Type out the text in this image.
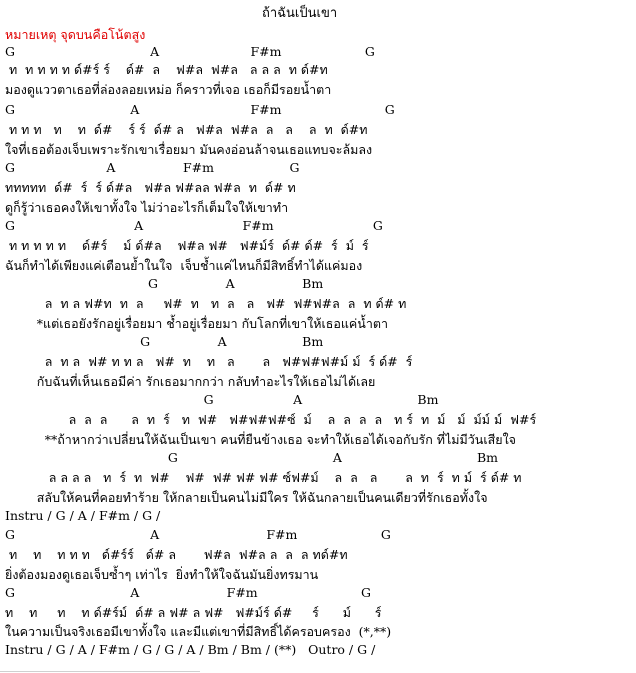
ถ้าฉันเป็นเขา
หมายเหตุ จุดบนคือโน้ตสูง
G                                  A                       F#m                     G
ท  ท ท ท ท ด์#ร์ ร์    ด์#  ล    ฟ#ล  ฟ#ล   ล ล ล  ท ด์#ท
มองดูแววตาเธอที่ล่องลอยเหม่อ ก็คราวที่เจอ เธอก็มีรอยน้ำตา
G                             A                            F#m                          G
ท ท ท   ท    ท  ด์#    ร์ ร์  ด์# ล   ฟ#ล  ฟ#ล  ล   ล    ล  ท  ด์#ท
ใจที่เธอต้องเจ็บเพราะรักเขาเรื่อยมา มันคงอ่อนล้าจนเธอแทบจะล้มลง
G                       A                 F#m                   G
ททททท  ด์#  ร์  ร์ ด์#ล   ฟ#ล ฟ#ลล ฟ#ล  ท  ด์# ท
ดูก็รู้ว่าเธอคงให้เขาทั้งใจ ไม่ว่าอะไรก็เต็มใจให้เขาทำ
G                              A                         F#m                         G
ท ท ท ท ท    ด์#ร์    ม์ ด์#ล    ฟ#ล ฟ#   ฟ#ม์ร์  ด์# ด์#  ร์  ม์  ร์
ฉันก็ทำได้เพียงแค่เตือนย้ำในใจ  เจ็บช้ำแค่ไหนก็มีสิทธิ์ทำได้แค่มอง
G                 A                 Bm
ล  ท ล ฟ#ท  ท  ล     ฟ#  ท   ท  ล   ล   ฟ#  ฟ#ฟ#ล  ล  ท ด์# ท
*แต่เธอยังรักอยู่เรื่อยมา ช้ำอยู่เรื่อยมา กับโลกที่เขาให้เธอแค่น้ำตา
G                 A                   Bm
ล  ท ล  ฟ# ท ท ล   ฟ#  ท    ท   ล       ล   ฟ#ฟ#ฟ#ม์ ม์  ร์ ด์#  ร์
กับฉันที่เห็นเธอมีค่า รักเธอมากกว่า กลับทำอะไรให้เธอไม่ได้เลย
G                    A                             Bm
ล  ล  ล      ล  ท  ร์   ท  ฟ#   ฟ#ฟ#ฟ#ซ์  ม์    ล  ล  ล  ล   ท ร์  ท  ม์   ม์  ม์ม์ ม์  ฟ#ร์
**ถ้าหากว่าเปลี่ยนให้ฉันเป็นเขา คนที่ยืนข้างเธอ จะทำให้เธอได้เจอกับรัก ที่ไม่มีวันเสียใจ
G                                       A                                  Bm
ล ล ล ล   ท  ร์  ท  ฟ#    ฟ#  ฟ# ฟ# ฟ# ซ์ฟ#ม์    ล  ล   ล       ล  ท  ร์  ท ม์  ร์ ด์# ท
สลับให้คนที่คอยทำร้าย ให้กลายเป็นคนไม่มีใคร ให้ฉันกลายเป็นคนเดียวที่รักเธอทั้งใจ
Instru / G / A / F#m / G /
G                                  A                           F#m                     G
ท    ท    ท ท ท   ด์#ร์ร์   ด์# ล       ฟ#ล  ฟ#ล ล  ล  ล ทด์#ท
ยิ่งต้องมองดูเธอเจ็บซ้ำๆ เท่าไร  ยิ่งทำให้ใจฉันมันยิ่งทรมาน
G                             A                      F#m                          G
ท    ท     ท    ท ด์#ร์ม์  ด์# ล ฟ# ล ฟ#   ฟ#ม์ร์ ด์#     ร์      ม์      ร์
ในความเป็นจริงเธอมีเขาทั้งใจ และมีแต่เขาที่มีสิทธิ์ได้ครอบครอง  (*,**)
Instru / G / A / F#m / G / G / A / Bm / Bm / (**)   Outro / G /
